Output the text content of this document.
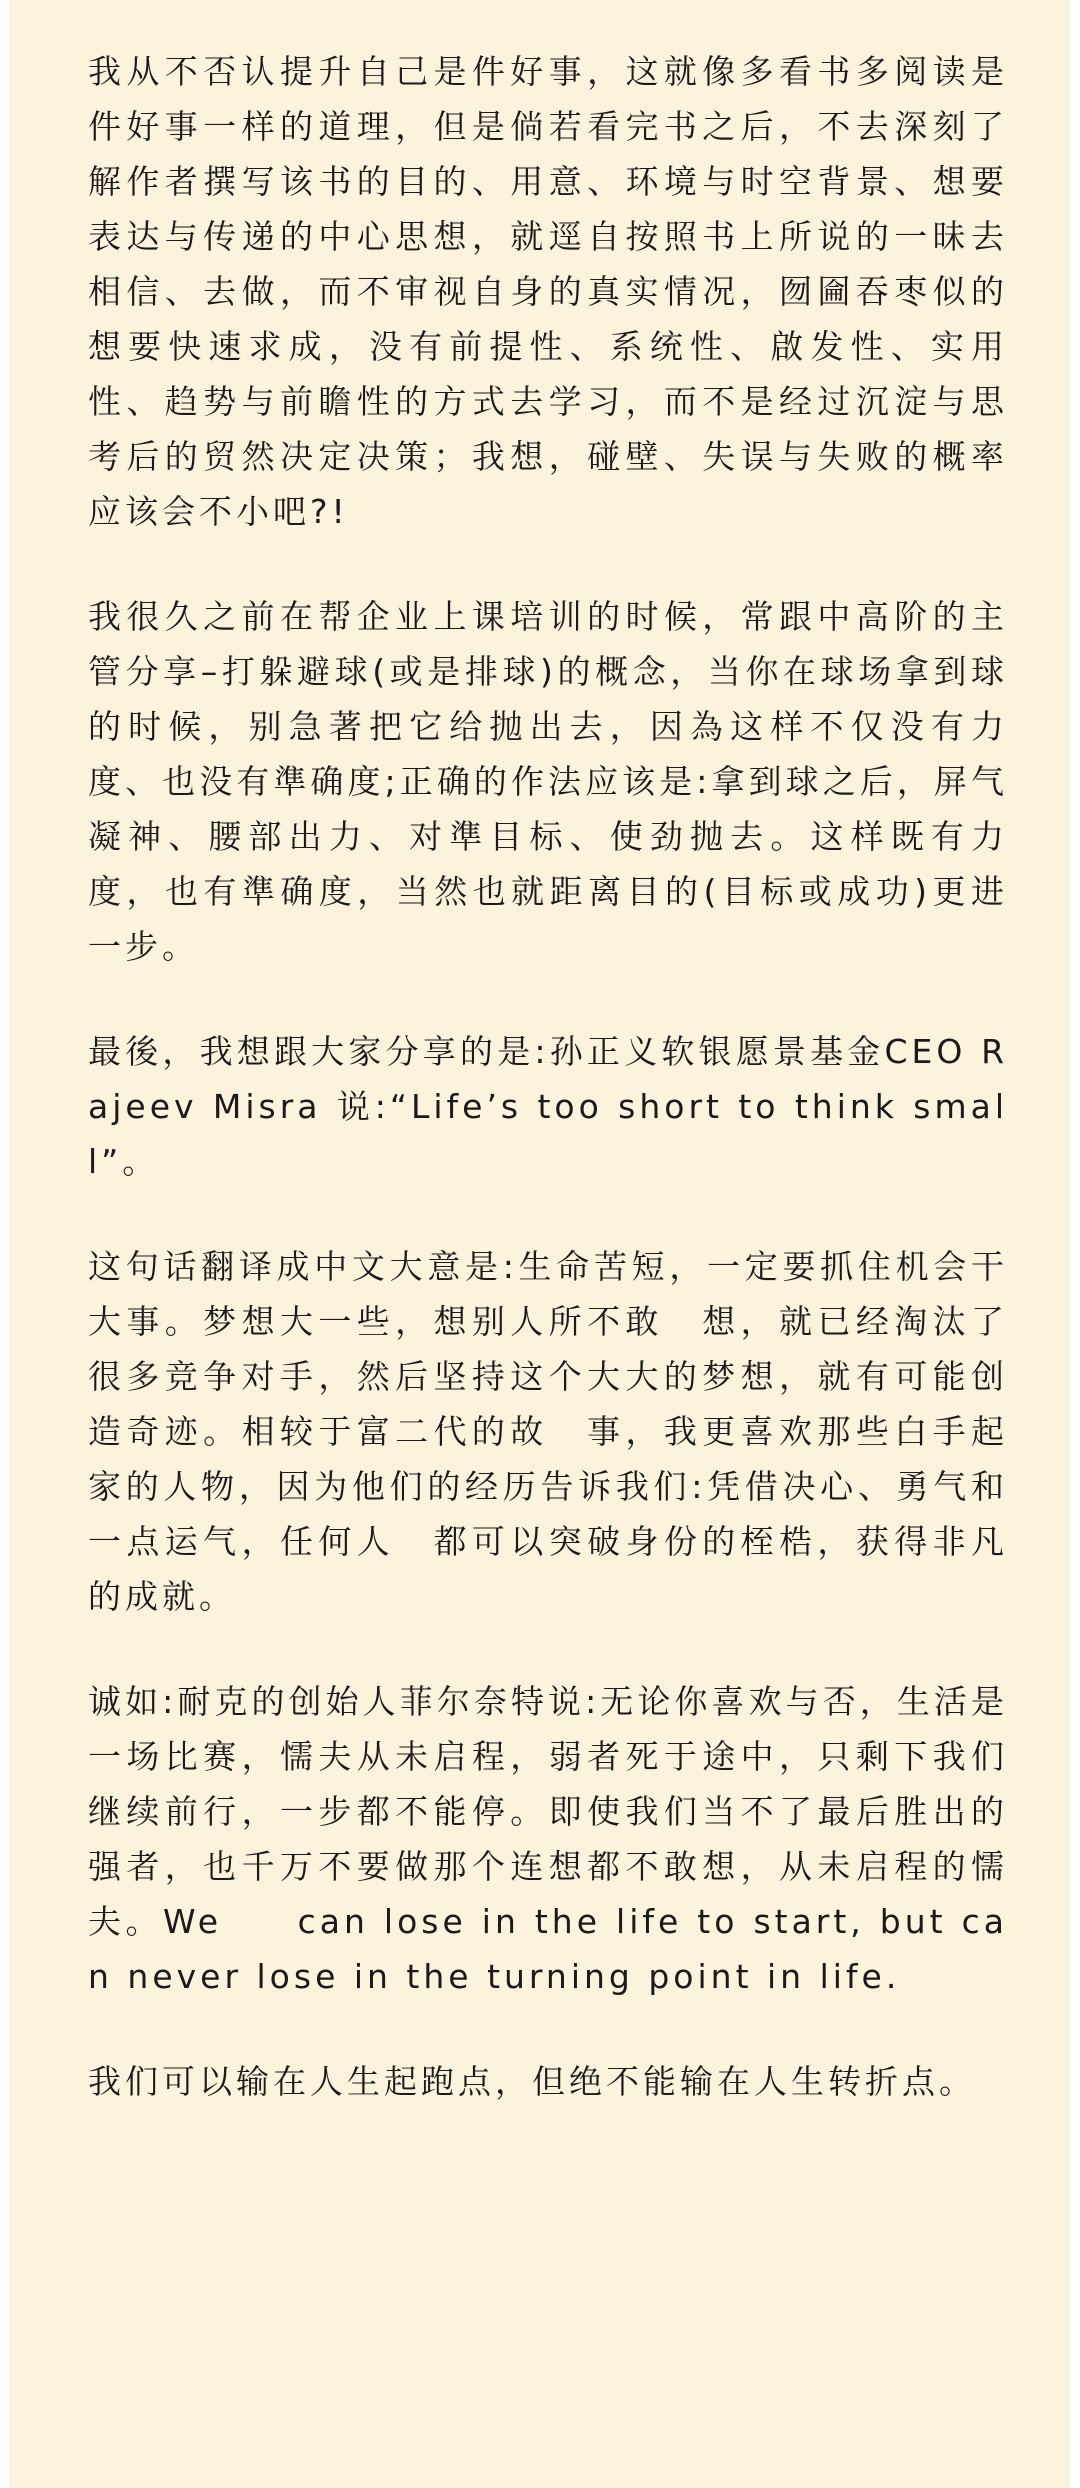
我从不否认提升自己是件好事，这就像多看书多阅读是件好事一样的道理，但是倘若看完书之后，不去深刻了解作者撰写该书的目的、用意、环境与时空背景、想要表达与传递的中心思想，就逕自按照书上所说的一昧去相信、去做，而不审视自身的真实情况，囫圇吞枣似的想要快速求成，没有前提性、系统性、啟发性、实用性、趋势与前瞻性的方式去学习，而不是经过沉淀与思考后的贸然决定决策；我想，碰壁、失误与失败的概率应该会不小吧?!

我很久之前在帮企业上课培训的时候，常跟中高阶的主管分享–打躲避球(或是排球)的概念，当你在球场拿到球的时候，别急著把它给抛出去，因為这样不仅没有力度、也没有準确度;正确的作法应该是:拿到球之后，屏气凝神、腰部出力、对準目标、使劲抛去。这样既有力度，也有準确度，当然也就距离目的(目标或成功)更进一步。

最後，我想跟大家分享的是:孙正义软银愿景基金CEO Rajeev Misra 说:“Life’s too short to think small”。

这句话翻译成中文大意是:生命苦短，一定要抓住机会干大事。梦想大一些，想别人所不敢　想，就已经淘汰了很多竞争对手，然后坚持这个大大的梦想，就有可能创造奇迹。相较于富二代的故　事，我更喜欢那些白手起家的人物，因为他们的经历告诉我们:凭借决心、勇气和一点运气，任何人　都可以突破身份的桎梏，获得非凡的成就。

诚如:耐克的创始人菲尔奈特说:无论你喜欢与否，生活是一场比赛，懦夫从未启程，弱者死于途中，只剩下我们继续前行，一步都不能停。即使我们当不了最后胜出的强者，也千万不要做那个连想都不敢想，从未启程的懦夫。We　　can lose in the life to start, but can never lose in the turning point in life.

我们可以输在人生起跑点，但绝不能输在人生转折点。
